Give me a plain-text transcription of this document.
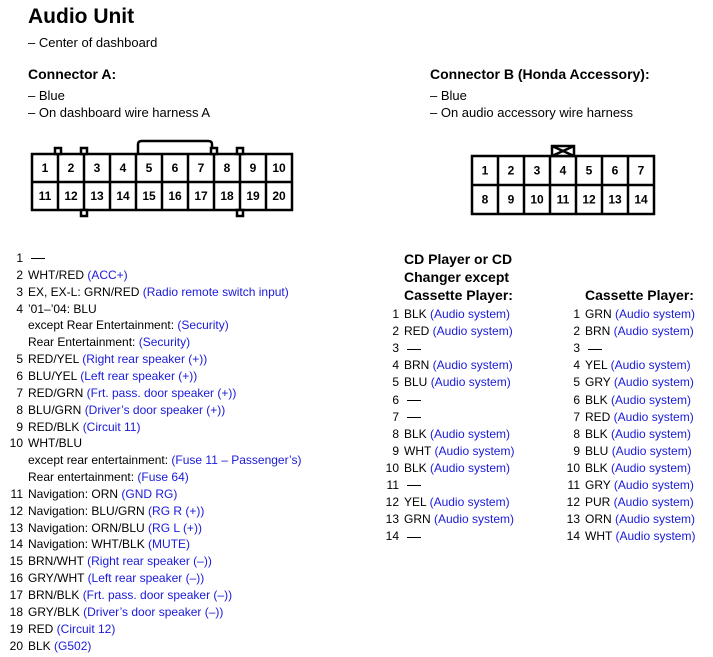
Audio Unit
– Center of dashboard
Connector A:
– Blue
– On dashboard wire harness A
Connector B (Honda Accessory):
– Blue
– On audio accessory wire harness
1 2 3 4 5 6 7 8 9 10
11 12 13 14 15 16 17 18 19 20
1 2 3 4 5 6 7
8 9 10 11 12 13 14
1
2 WHT/RED (ACC+)
3 EX, EX-L: GRN/RED (Radio remote switch input)
4 ’01–’04: BLU
except Rear Entertainment: (Security)
Rear Entertainment: (Security)
5 RED/YEL (Right rear speaker (+))
6 BLU/YEL (Left rear speaker (+))
7 RED/GRN (Frt. pass. door speaker (+))
8 BLU/GRN (Driver’s door speaker (+))
9 RED/BLK (Circuit 11)
10 WHT/BLU
except rear entertainment: (Fuse 11 – Passenger’s)
Rear entertainment: (Fuse 64)
11 Navigation: ORN (GND RG)
12 Navigation: BLU/GRN (RG R (+))
13 Navigation: ORN/BLU (RG L (+))
14 Navigation: WHT/BLK (MUTE)
15 BRN/WHT (Right rear speaker (–))
16 GRY/WHT (Left rear speaker (–))
17 BRN/BLK (Frt. pass. door speaker (–))
18 GRY/BLK (Driver’s door speaker (–))
19 RED (Circuit 12)
20 BLK (G502)
CD Player or CD
Changer except
Cassette Player:
1 BLK (Audio system)
2 RED (Audio system)
3
4 BRN (Audio system)
5 BLU (Audio system)
6
7
8 BLK (Audio system)
9 WHT (Audio system)
10 BLK (Audio system)
11
12 YEL (Audio system)
13 GRN (Audio system)
14
Cassette Player:
1 GRN (Audio system)
2 BRN (Audio system)
3
4 YEL (Audio system)
5 GRY (Audio system)
6 BLK (Audio system)
7 RED (Audio system)
8 BLK (Audio system)
9 BLU (Audio system)
10 BLK (Audio system)
11 GRY (Audio system)
12 PUR (Audio system)
13 ORN (Audio system)
14 WHT (Audio system)
